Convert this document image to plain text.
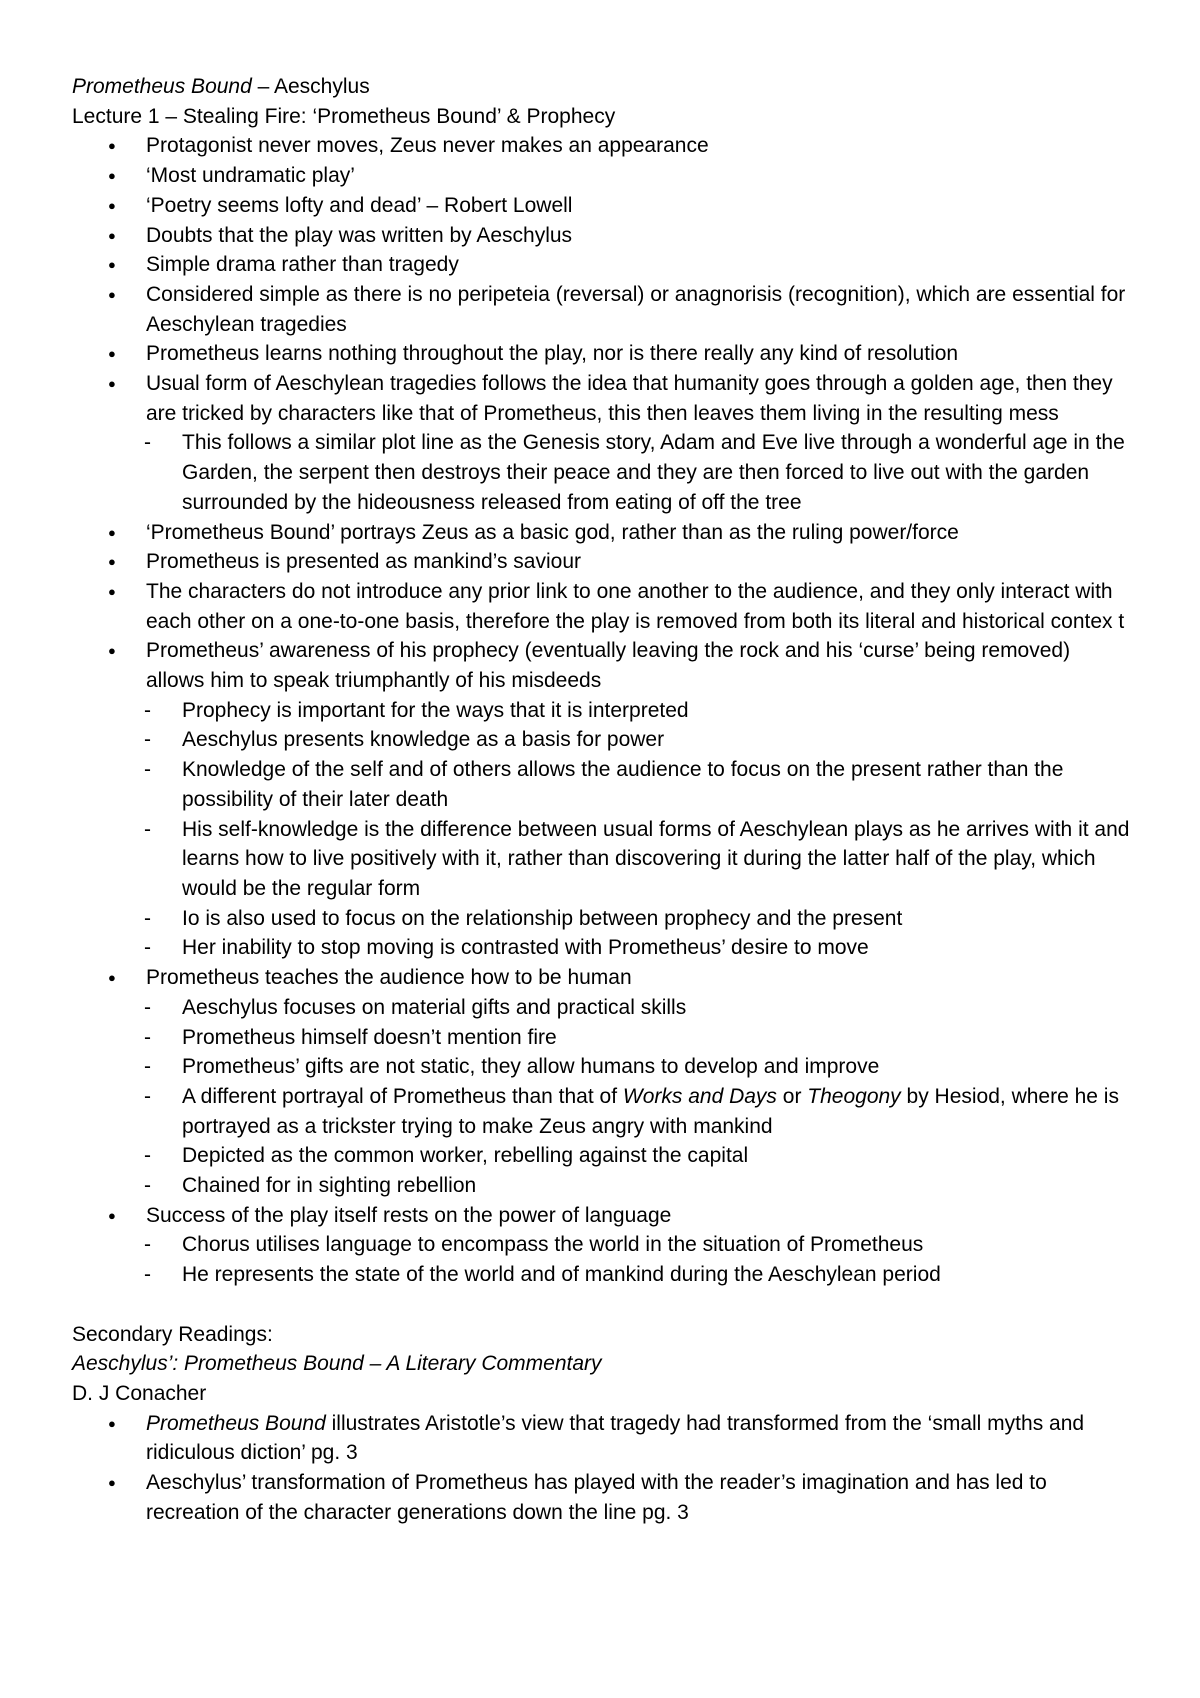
Prometheus Bound – Aeschylus

Lecture 1 – Stealing Fire: ‘Prometheus Bound’ & Prophecy

● Protagonist never moves, Zeus never makes an appearance
● ‘Most undramatic play’
● ‘Poetry seems lofty and dead’ – Robert Lowell
● Doubts that the play was written by Aeschylus
● Simple drama rather than tragedy
● Considered simple as there is no peripeteia (reversal) or anagnorisis (recognition), which are essential for Aeschylean tragedies
● Prometheus learns nothing throughout the play, nor is there really any kind of resolution
● Usual form of Aeschylean tragedies follows the idea that humanity goes through a golden age, then they are tricked by characters like that of Prometheus, this then leaves them living in the resulting mess
- This follows a similar plot line as the Genesis story, Adam and Eve live through a wonderful age in the Garden, the serpent then destroys their peace and they are then forced to live out with the garden surrounded by the hideousness released from eating of off the tree
● ‘Prometheus Bound’ portrays Zeus as a basic god, rather than as the ruling power/force
● Prometheus is presented as mankind’s saviour
● The characters do not introduce any prior link to one another to the audience, and they only interact with each other on a one-to-one basis, therefore the play is removed from both its literal and historical contex t
● Prometheus’ awareness of his prophecy (eventually leaving the rock and his ‘curse’ being removed) allows him to speak triumphantly of his misdeeds
- Prophecy is important for the ways that it is interpreted
- Aeschylus presents knowledge as a basis for power
- Knowledge of the self and of others allows the audience to focus on the present rather than the possibility of their later death
- His self-knowledge is the difference between usual forms of Aeschylean plays as he arrives with it and learns how to live positively with it, rather than discovering it during the latter half of the play, which would be the regular form
- Io is also used to focus on the relationship between prophecy and the present
- Her inability to stop moving is contrasted with Prometheus’ desire to move
● Prometheus teaches the audience how to be human
- Aeschylus focuses on material gifts and practical skills
- Prometheus himself doesn’t mention fire
- Prometheus’ gifts are not static, they allow humans to develop and improve
- A different portrayal of Prometheus than that of Works and Days or Theogony by Hesiod, where he is portrayed as a trickster trying to make Zeus angry with mankind
- Depicted as the common worker, rebelling against the capital
- Chained for in sighting rebellion
● Success of the play itself rests on the power of language
- Chorus utilises language to encompass the world in the situation of Prometheus
- He represents the state of the world and of mankind during the Aeschylean period

Secondary Readings:

Aeschylus’: Prometheus Bound – A Literary Commentary

D. J Conacher

● Prometheus Bound illustrates Aristotle’s view that tragedy had transformed from the ‘small myths and ridiculous diction’ pg. 3
● Aeschylus’ transformation of Prometheus has played with the reader’s imagination and has led to recreation of the character generations down the line pg. 3
